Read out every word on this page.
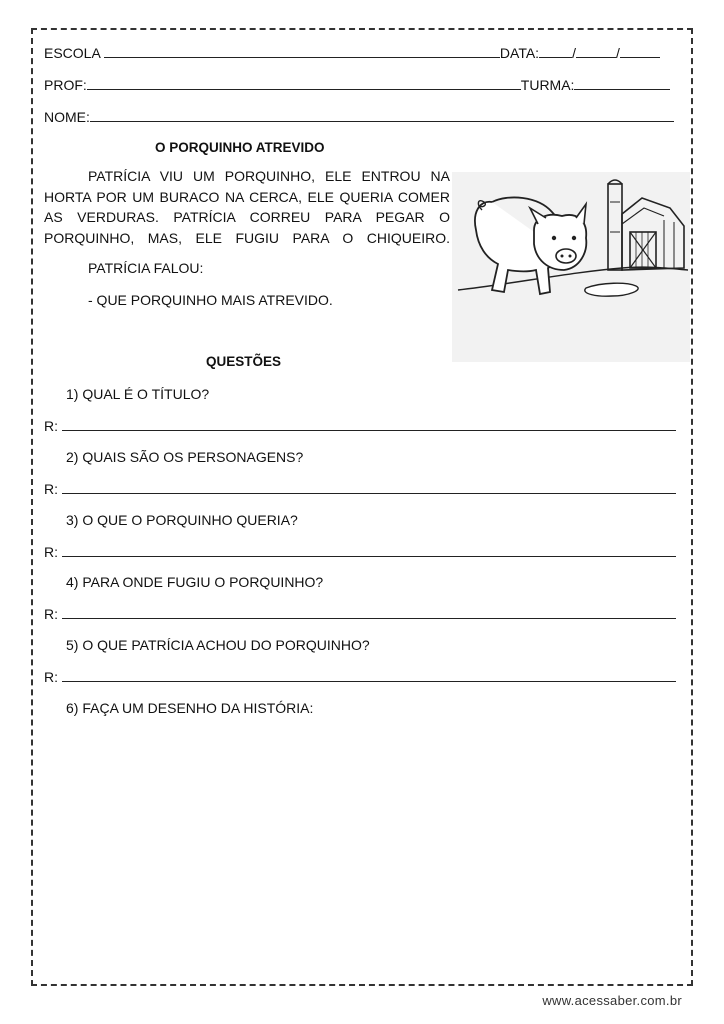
ESCOLA	DATA: /	/
PROF:	TURMA:
NOME:
O PORQUINHO ATREVIDO
PATRÍCIA VIU UM PORQUINHO, ELE ENTROU NA HORTA POR UM BURACO NA CERCA, ELE QUERIA COMER AS VERDURAS. PATRÍCIA CORREU PARA PEGAR O PORQUINHO, MAS, ELE FUGIU PARA O CHIQUEIRO.
PATRÍCIA FALOU:
- QUE PORQUINHO MAIS ATREVIDO.
QUESTÕES
1) QUAL É O TÍTULO?
R:
2) QUAIS SÃO OS PERSONAGENS?
R:
3) O QUE O PORQUINHO QUERIA?
R:
4) PARA ONDE FUGIU O PORQUINHO?
R:
5) O QUE PATRÍCIA ACHOU DO PORQUINHO?
R:
6) FAÇA UM DESENHO DA HISTÓRIA:
www.acessaber.com.br
